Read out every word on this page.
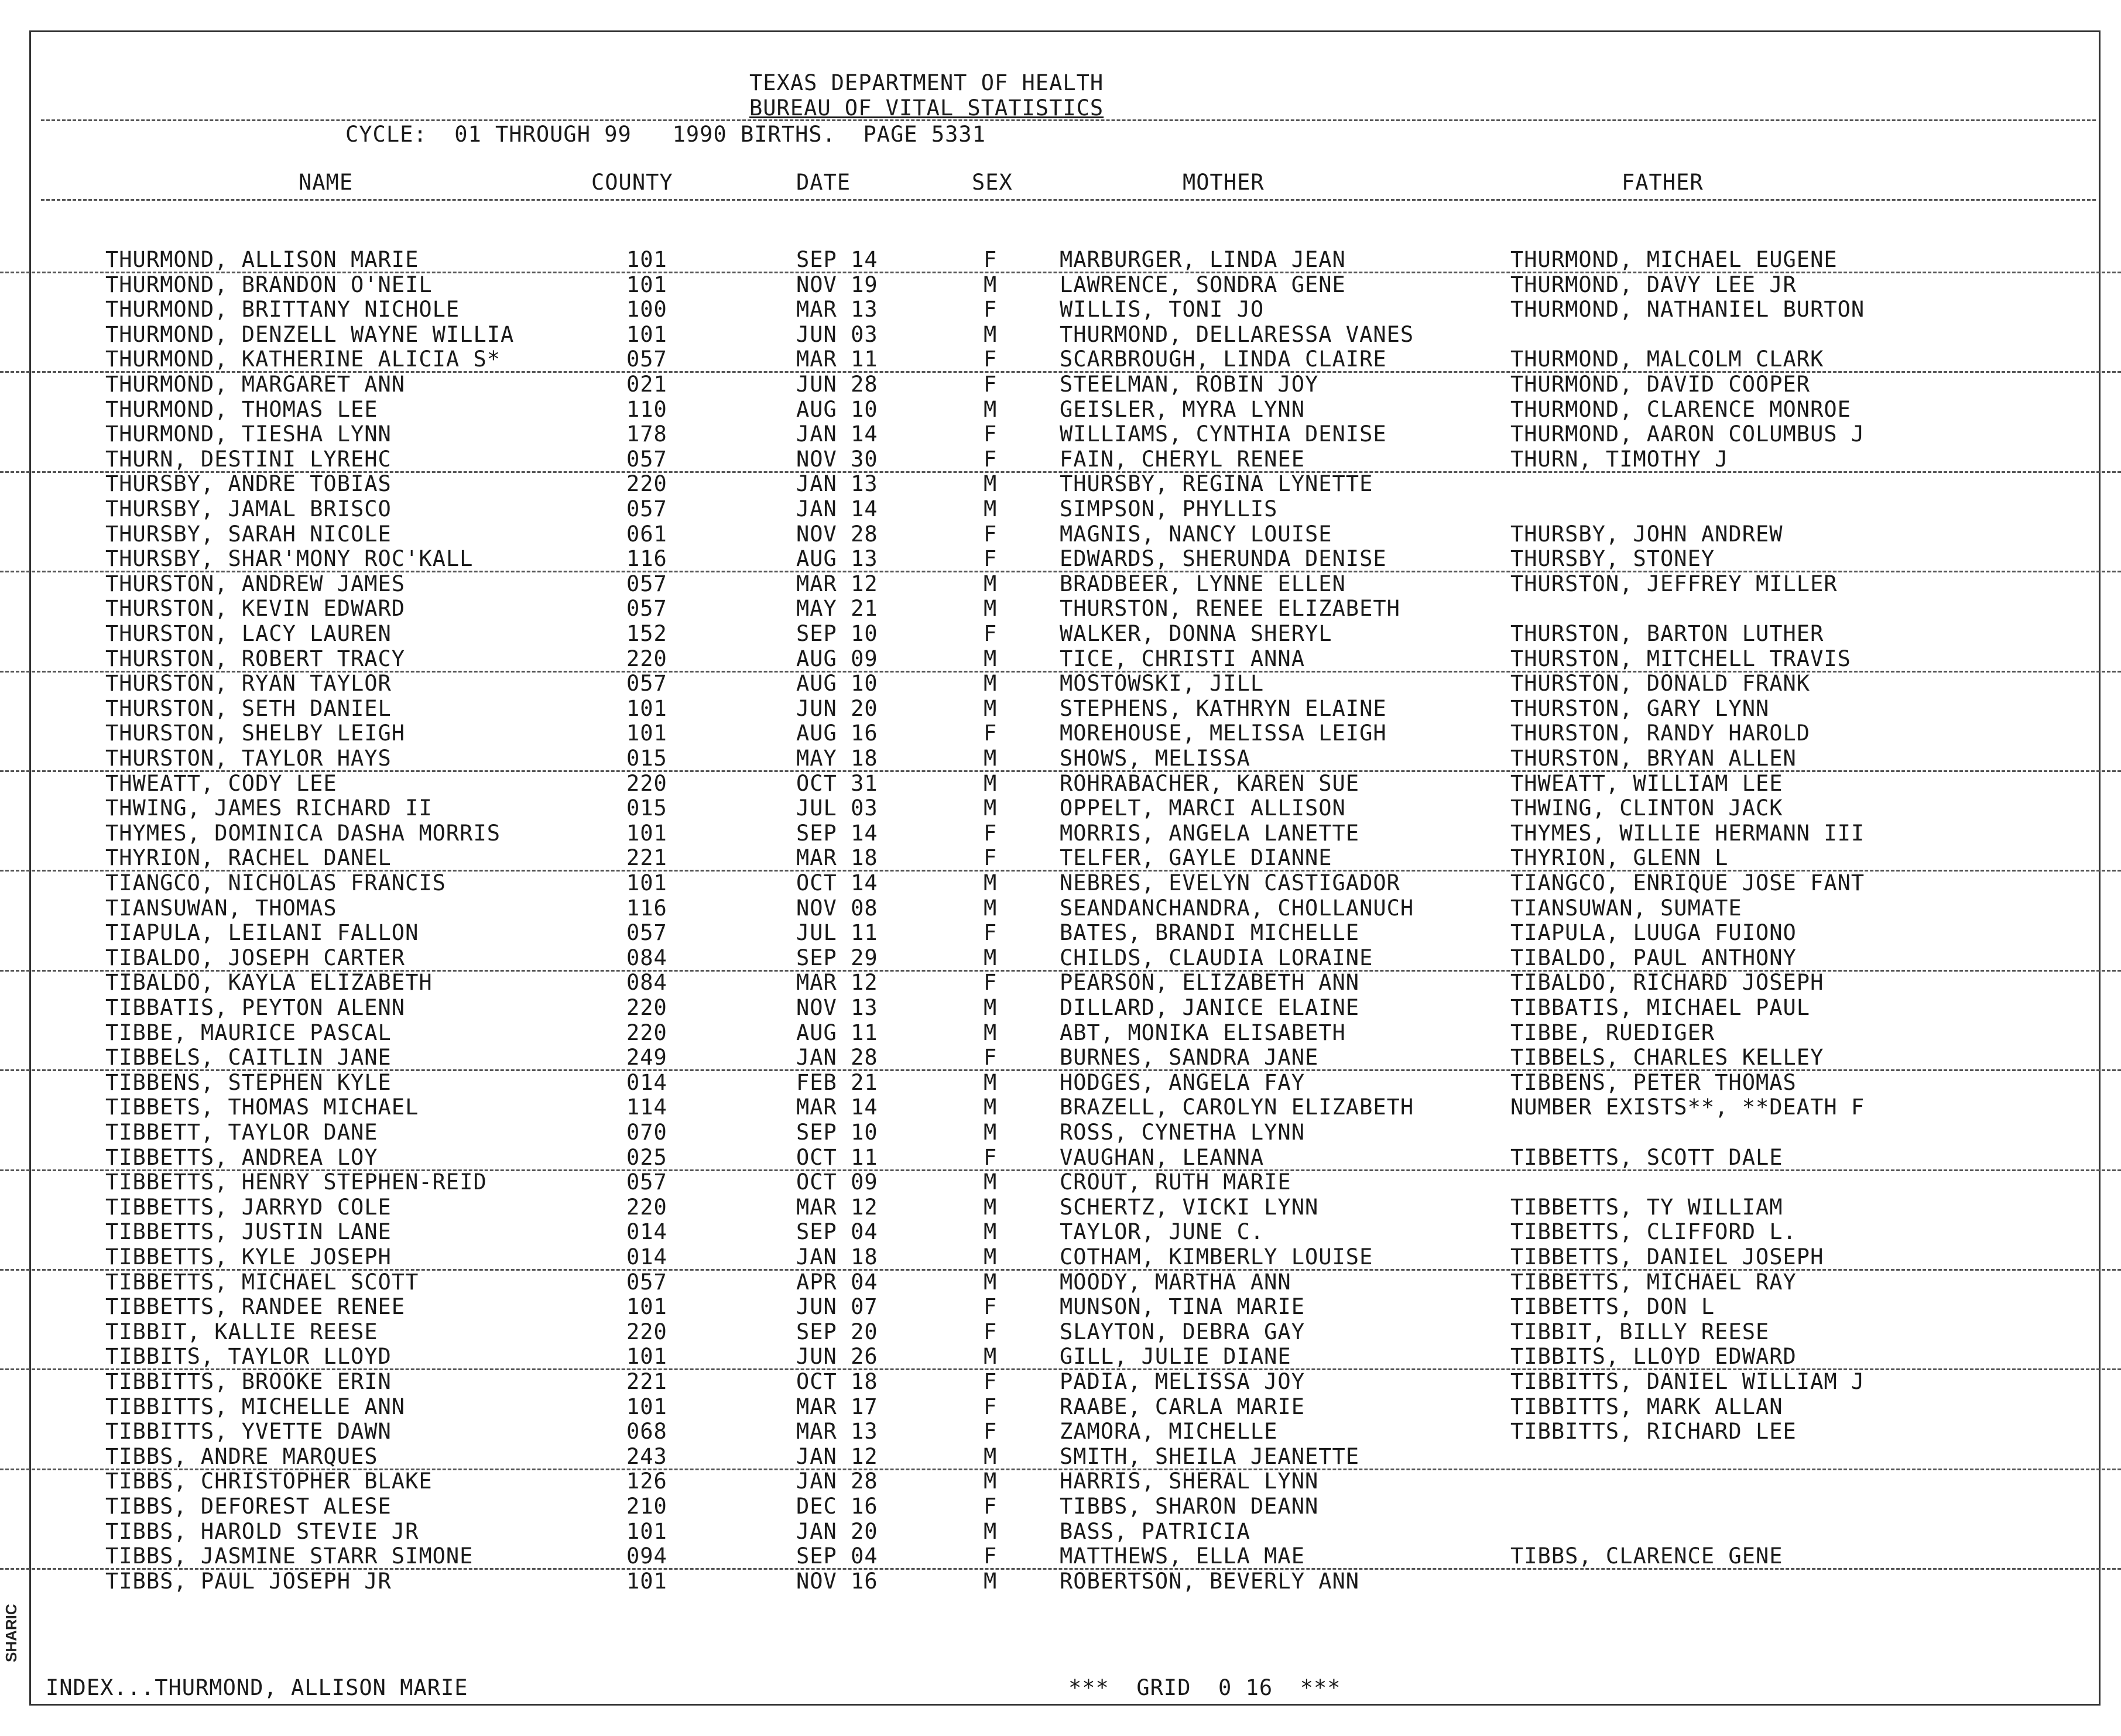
SHARIC
TEXAS DEPARTMENT OF HEALTH
BUREAU OF VITAL STATISTICS
CYCLE:  01 THROUGH 99   1990 BIRTHS.  PAGE 5331
NAME	COUNTY	DATE	SEX	MOTHER	FATHER
THURMOND, ALLISON MARIE	101	SEP 14	F	MARBURGER, LINDA JEAN	THURMOND, MICHAEL EUGENE
THURMOND, BRANDON O'NEIL	101	NOV 19	M	LAWRENCE, SONDRA GENE	THURMOND, DAVY LEE JR
THURMOND, BRITTANY NICHOLE	100	MAR 13	F	WILLIS, TONI JO	THURMOND, NATHANIEL BURTON
THURMOND, DENZELL WAYNE WILLIA	101	JUN 03	M	THURMOND, DELLARESSA VANES
THURMOND, KATHERINE ALICIA S*	057	MAR 11	F	SCARBROUGH, LINDA CLAIRE	THURMOND, MALCOLM CLARK
THURMOND, MARGARET ANN	021	JUN 28	F	STEELMAN, ROBIN JOY	THURMOND, DAVID COOPER
THURMOND, THOMAS LEE	110	AUG 10	M	GEISLER, MYRA LYNN	THURMOND, CLARENCE MONROE
THURMOND, TIESHA LYNN	178	JAN 14	F	WILLIAMS, CYNTHIA DENISE	THURMOND, AARON COLUMBUS J
THURN, DESTINI LYREHC	057	NOV 30	F	FAIN, CHERYL RENEE	THURN, TIMOTHY J
THURSBY, ANDRE TOBIAS	220	JAN 13	M	THURSBY, REGINA LYNETTE
THURSBY, JAMAL BRISCO	057	JAN 14	M	SIMPSON, PHYLLIS
THURSBY, SARAH NICOLE	061	NOV 28	F	MAGNIS, NANCY LOUISE	THURSBY, JOHN ANDREW
THURSBY, SHAR'MONY ROC'KALL	116	AUG 13	F	EDWARDS, SHERUNDA DENISE	THURSBY, STONEY
THURSTON, ANDREW JAMES	057	MAR 12	M	BRADBEER, LYNNE ELLEN	THURSTON, JEFFREY MILLER
THURSTON, KEVIN EDWARD	057	MAY 21	M	THURSTON, RENEE ELIZABETH
THURSTON, LACY LAUREN	152	SEP 10	F	WALKER, DONNA SHERYL	THURSTON, BARTON LUTHER
THURSTON, ROBERT TRACY	220	AUG 09	M	TICE, CHRISTI ANNA	THURSTON, MITCHELL TRAVIS
THURSTON, RYAN TAYLOR	057	AUG 10	M	MOSTOWSKI, JILL	THURSTON, DONALD FRANK
THURSTON, SETH DANIEL	101	JUN 20	M	STEPHENS, KATHRYN ELAINE	THURSTON, GARY LYNN
THURSTON, SHELBY LEIGH	101	AUG 16	F	MOREHOUSE, MELISSA LEIGH	THURSTON, RANDY HAROLD
THURSTON, TAYLOR HAYS	015	MAY 18	M	SHOWS, MELISSA	THURSTON, BRYAN ALLEN
THWEATT, CODY LEE	220	OCT 31	M	ROHRABACHER, KAREN SUE	THWEATT, WILLIAM LEE
THWING, JAMES RICHARD II	015	JUL 03	M	OPPELT, MARCI ALLISON	THWING, CLINTON JACK
THYMES, DOMINICA DASHA MORRIS	101	SEP 14	F	MORRIS, ANGELA LANETTE	THYMES, WILLIE HERMANN III
THYRION, RACHEL DANEL	221	MAR 18	F	TELFER, GAYLE DIANNE	THYRION, GLENN L
TIANGCO, NICHOLAS FRANCIS	101	OCT 14	M	NEBRES, EVELYN CASTIGADOR	TIANGCO, ENRIQUE JOSE FANT
TIANSUWAN, THOMAS	116	NOV 08	M	SEANDANCHANDRA, CHOLLANUCH	TIANSUWAN, SUMATE
TIAPULA, LEILANI FALLON	057	JUL 11	F	BATES, BRANDI MICHELLE	TIAPULA, LUUGA FUIONO
TIBALDO, JOSEPH CARTER	084	SEP 29	M	CHILDS, CLAUDIA LORAINE	TIBALDO, PAUL ANTHONY
TIBALDO, KAYLA ELIZABETH	084	MAR 12	F	PEARSON, ELIZABETH ANN	TIBALDO, RICHARD JOSEPH
TIBBATIS, PEYTON ALENN	220	NOV 13	M	DILLARD, JANICE ELAINE	TIBBATIS, MICHAEL PAUL
TIBBE, MAURICE PASCAL	220	AUG 11	M	ABT, MONIKA ELISABETH	TIBBE, RUEDIGER
TIBBELS, CAITLIN JANE	249	JAN 28	F	BURNES, SANDRA JANE	TIBBELS, CHARLES KELLEY
TIBBENS, STEPHEN KYLE	014	FEB 21	M	HODGES, ANGELA FAY	TIBBENS, PETER THOMAS
TIBBETS, THOMAS MICHAEL	114	MAR 14	M	BRAZELL, CAROLYN ELIZABETH	NUMBER EXISTS**, **DEATH F
TIBBETT, TAYLOR DANE	070	SEP 10	M	ROSS, CYNETHA LYNN
TIBBETTS, ANDREA LOY	025	OCT 11	F	VAUGHAN, LEANNA	TIBBETTS, SCOTT DALE
TIBBETTS, HENRY STEPHEN-REID	057	OCT 09	M	CROUT, RUTH MARIE
TIBBETTS, JARRYD COLE	220	MAR 12	M	SCHERTZ, VICKI LYNN	TIBBETTS, TY WILLIAM
TIBBETTS, JUSTIN LANE	014	SEP 04	M	TAYLOR, JUNE C.	TIBBETTS, CLIFFORD L.
TIBBETTS, KYLE JOSEPH	014	JAN 18	M	COTHAM, KIMBERLY LOUISE	TIBBETTS, DANIEL JOSEPH
TIBBETTS, MICHAEL SCOTT	057	APR 04	M	MOODY, MARTHA ANN	TIBBETTS, MICHAEL RAY
TIBBETTS, RANDEE RENEE	101	JUN 07	F	MUNSON, TINA MARIE	TIBBETTS, DON L
TIBBIT, KALLIE REESE	220	SEP 20	F	SLAYTON, DEBRA GAY	TIBBIT, BILLY REESE
TIBBITS, TAYLOR LLOYD	101	JUN 26	M	GILL, JULIE DIANE	TIBBITS, LLOYD EDWARD
TIBBITTS, BROOKE ERIN	221	OCT 18	F	PADIA, MELISSA JOY	TIBBITTS, DANIEL WILLIAM J
TIBBITTS, MICHELLE ANN	101	MAR 17	F	RAABE, CARLA MARIE	TIBBITTS, MARK ALLAN
TIBBITTS, YVETTE DAWN	068	MAR 13	F	ZAMORA, MICHELLE	TIBBITTS, RICHARD LEE
TIBBS, ANDRE MARQUES	243	JAN 12	M	SMITH, SHEILA JEANETTE
TIBBS, CHRISTOPHER BLAKE	126	JAN 28	M	HARRIS, SHERAL LYNN
TIBBS, DEFOREST ALESE	210	DEC 16	F	TIBBS, SHARON DEANN
TIBBS, HAROLD STEVIE JR	101	JAN 20	M	BASS, PATRICIA
TIBBS, JASMINE STARR SIMONE	094	SEP 04	F	MATTHEWS, ELLA MAE	TIBBS, CLARENCE GENE
TIBBS, PAUL JOSEPH JR	101	NOV 16	M	ROBERTSON, BEVERLY ANN
INDEX...THURMOND, ALLISON MARIE	***  GRID  0 16  ***
